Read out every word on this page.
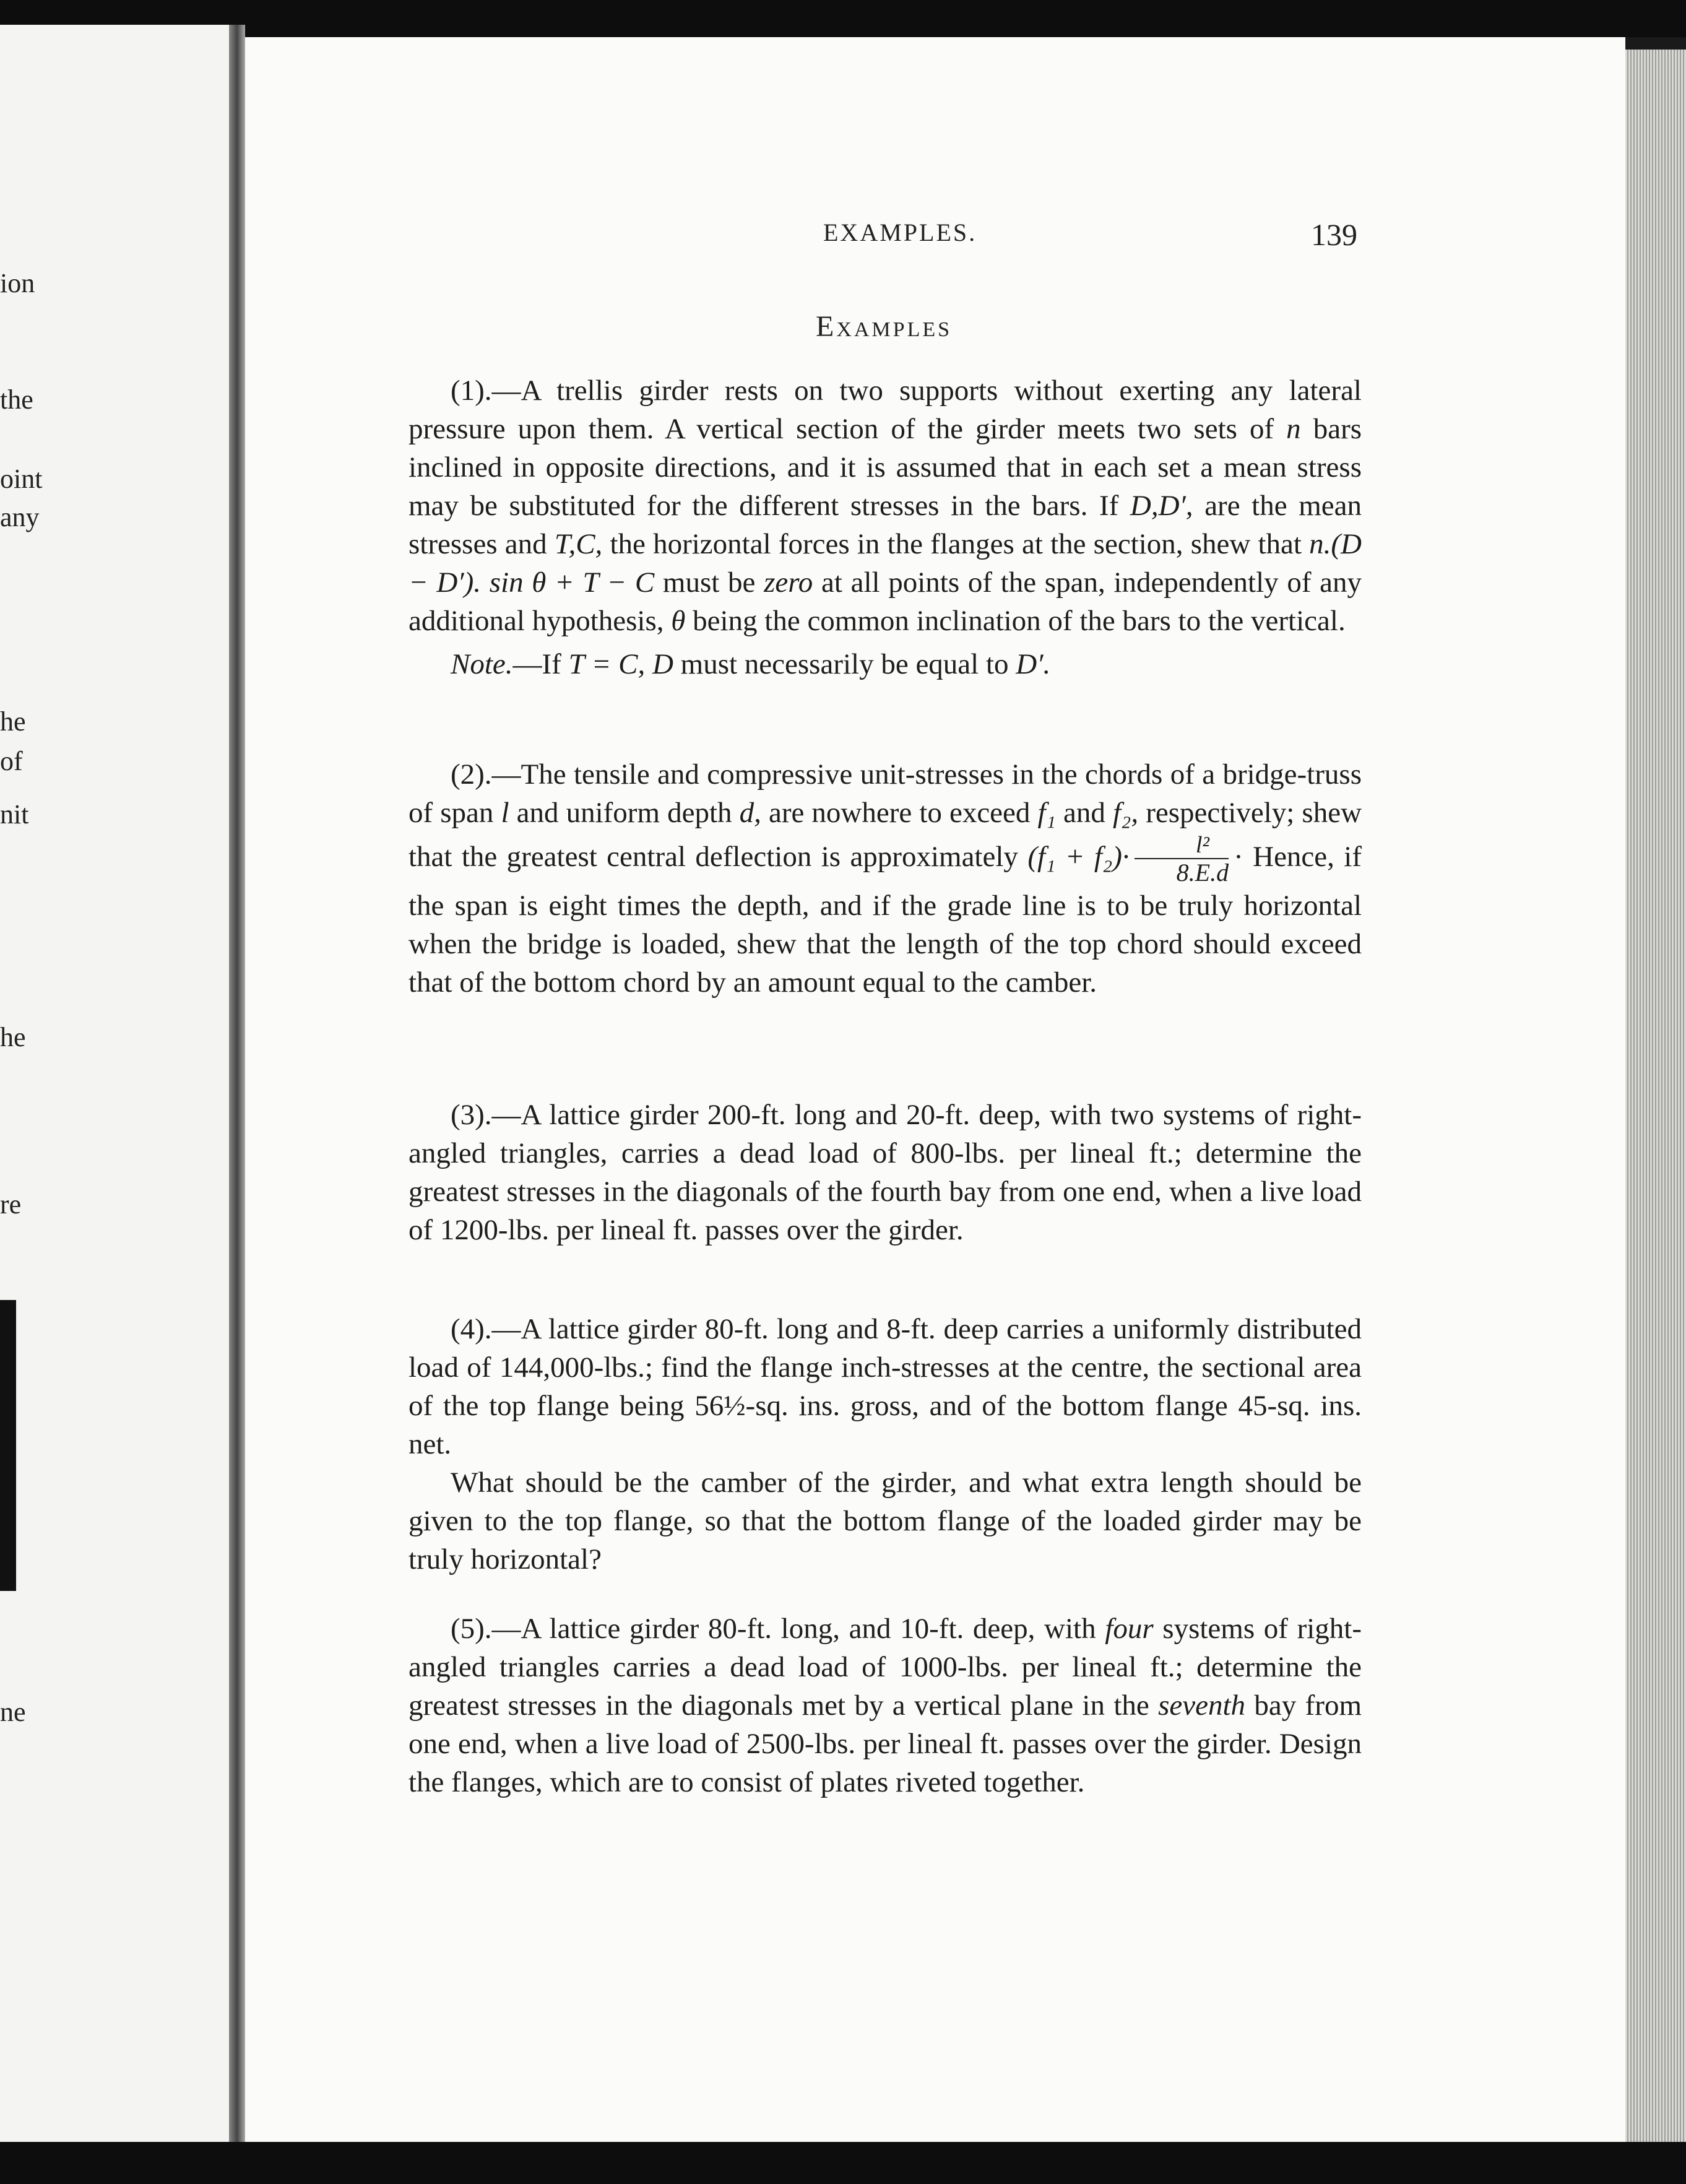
ion
the
oint
any
he
of
nit
he
re
ne
EXAMPLES.	139
Examples

(1).—A trellis girder rests on two supports without exerting any lateral pressure upon them. A vertical section of the girder meets two sets of n bars inclined in opposite directions, and it is assumed that in each set a mean stress may be substituted for the different stresses in the bars. If D,D′, are the mean stresses and T,C, the horizontal forces in the flanges at the section, shew that n.(D − D′). sin θ + T − C must be zero at all points of the span, independently of any additional hypothesis, θ being the common inclination of the bars to the vertical.

Note.—If T = C, D must necessarily be equal to D′.

(2).—The tensile and compressive unit-stresses in the chords of a bridge-truss of span l and uniform depth d, are nowhere to exceed f₁ and f₂, respectively; shew that the greatest central deflection is approximately $(f_1 + f_2)\cdot \frac{\text{l²}}{8.E.d}$ · Hence, if the span is eight times the depth, and if the grade line is to be truly horizontal when the bridge is loaded, shew that the length of the top chord should exceed that of the bottom chord by an amount equal to the camber.

(3).—A lattice girder 200-ft. long and 20-ft. deep, with two systems of right-angled triangles, carries a dead load of 800-lbs. per lineal ft.; determine the greatest stresses in the diagonals of the fourth bay from one end, when a live load of 1200-lbs. per lineal ft. passes over the girder.

(4).—A lattice girder 80-ft. long and 8-ft. deep carries a uniformly distributed load of 144,000-lbs.; find the flange inch-stresses at the centre, the sectional area of the top flange being 56½-sq. ins. gross, and of the bottom flange 45-sq. ins. net.

What should be the camber of the girder, and what extra length should be given to the top flange, so that the bottom flange of the loaded girder may be truly horizontal?

(5).—A lattice girder 80-ft. long, and 10-ft. deep, with four systems of right-angled triangles carries a dead load of 1000-lbs. per lineal ft.; determine the greatest stresses in the diagonals met by a vertical plane in the seventh bay from one end, when a live load of 2500-lbs. per lineal ft. passes over the girder. Design the flanges, which are to consist of plates riveted together.
